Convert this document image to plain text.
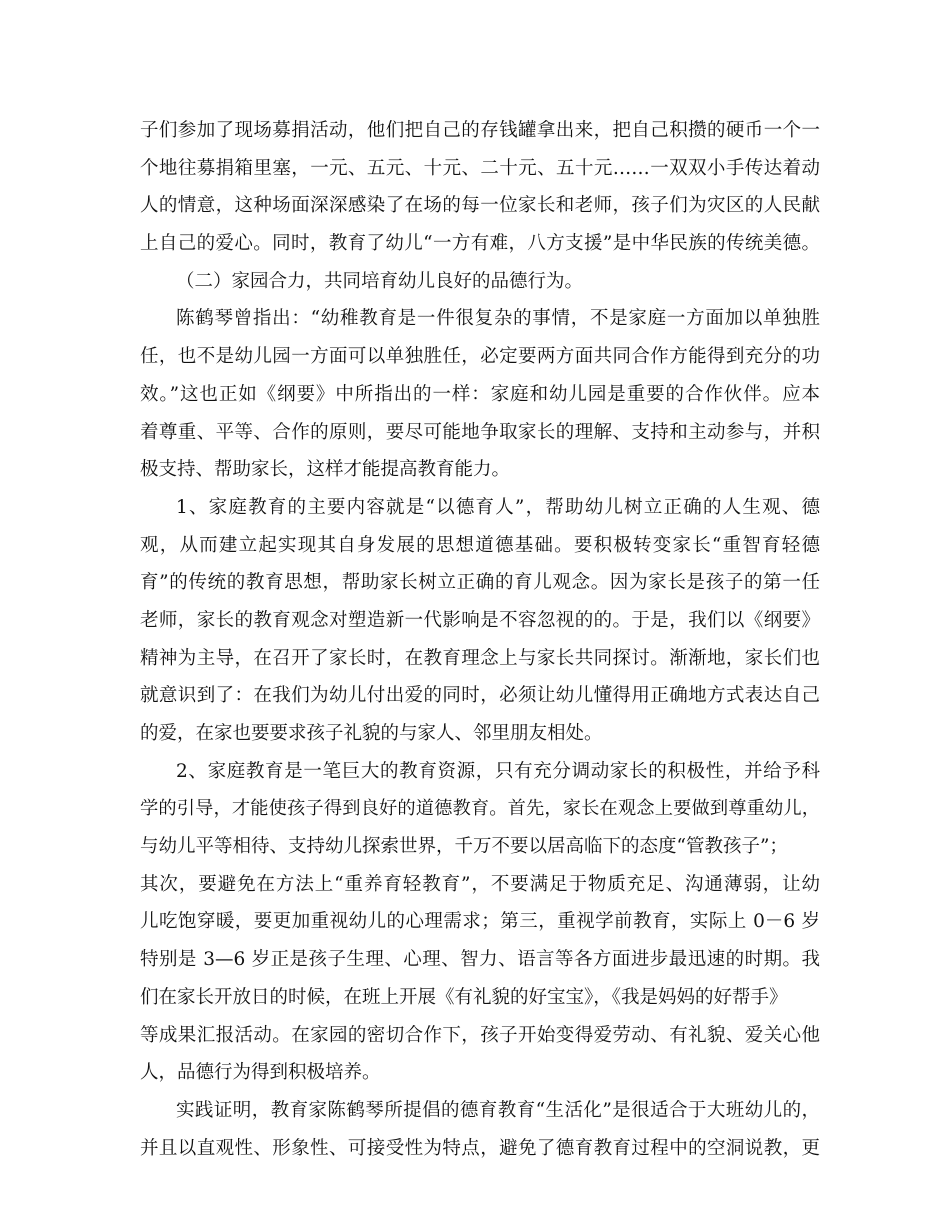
子们参加了现场募捐活动，他们把自己的存钱罐拿出来，把自己积攒的硬币一个一
个地往募捐箱里塞，一元、五元、十元、二十元、五十元……一双双小手传达着动
人的情意，这种场面深深感染了在场的每一位家长和老师，孩子们为灾区的人民献
上自己的爱心。同时，教育了幼儿“一方有难，八方支援”是中华民族的传统美德。
（二）家园合力，共同培育幼儿良好的品德行为。
陈鹤琴曾指出：“幼稚教育是一件很复杂的事情，不是家庭一方面加以单独胜
任，也不是幼儿园一方面可以单独胜任，必定要两方面共同合作方能得到充分的功
效。”这也正如《纲要》中所指出的一样：家庭和幼儿园是重要的合作伙伴。应本
着尊重、平等、合作的原则，要尽可能地争取家长的理解、支持和主动参与，并积
极支持、帮助家长，这样才能提高教育能力。
1、家庭教育的主要内容就是“以德育人”，帮助幼儿树立正确的人生观、德
观，从而建立起实现其自身发展的思想道德基础。要积极转变家长“重智育轻德
育”的传统的教育思想，帮助家长树立正确的育儿观念。因为家长是孩子的第一任
老师，家长的教育观念对塑造新一代影响是不容忽视的的。于是，我们以《纲要》
精神为主导，在召开了家长时，在教育理念上与家长共同探讨。渐渐地，家长们也
就意识到了：在我们为幼儿付出爱的同时，必须让幼儿懂得用正确地方式表达自己
的爱，在家也要要求孩子礼貌的与家人、邻里朋友相处。
2、家庭教育是一笔巨大的教育资源，只有充分调动家长的积极性，并给予科
学的引导，才能使孩子得到良好的道德教育。首先，家长在观念上要做到尊重幼儿，
与幼儿平等相待、支持幼儿探索世界，千万不要以居高临下的态度“管教孩子”；
其次，要避免在方法上“重养育轻教育”，不要满足于物质充足、沟通薄弱，让幼
儿吃饱穿暖，要更加重视幼儿的心理需求；第三，重视学前教育，实际上 0－6 岁
特别是 3—6 岁正是孩子生理、心理、智力、语言等各方面进步最迅速的时期。我
们在家长开放日的时候，在班上开展《有礼貌的好宝宝》，《我是妈妈的好帮手》
等成果汇报活动。在家园的密切合作下，孩子开始变得爱劳动、有礼貌、爱关心他
人，品德行为得到积极培养。
实践证明，教育家陈鹤琴所提倡的德育教育“生活化”是很适合于大班幼儿的，
并且以直观性、形象性、可接受性为特点，避免了德育教育过程中的空洞说教，更
